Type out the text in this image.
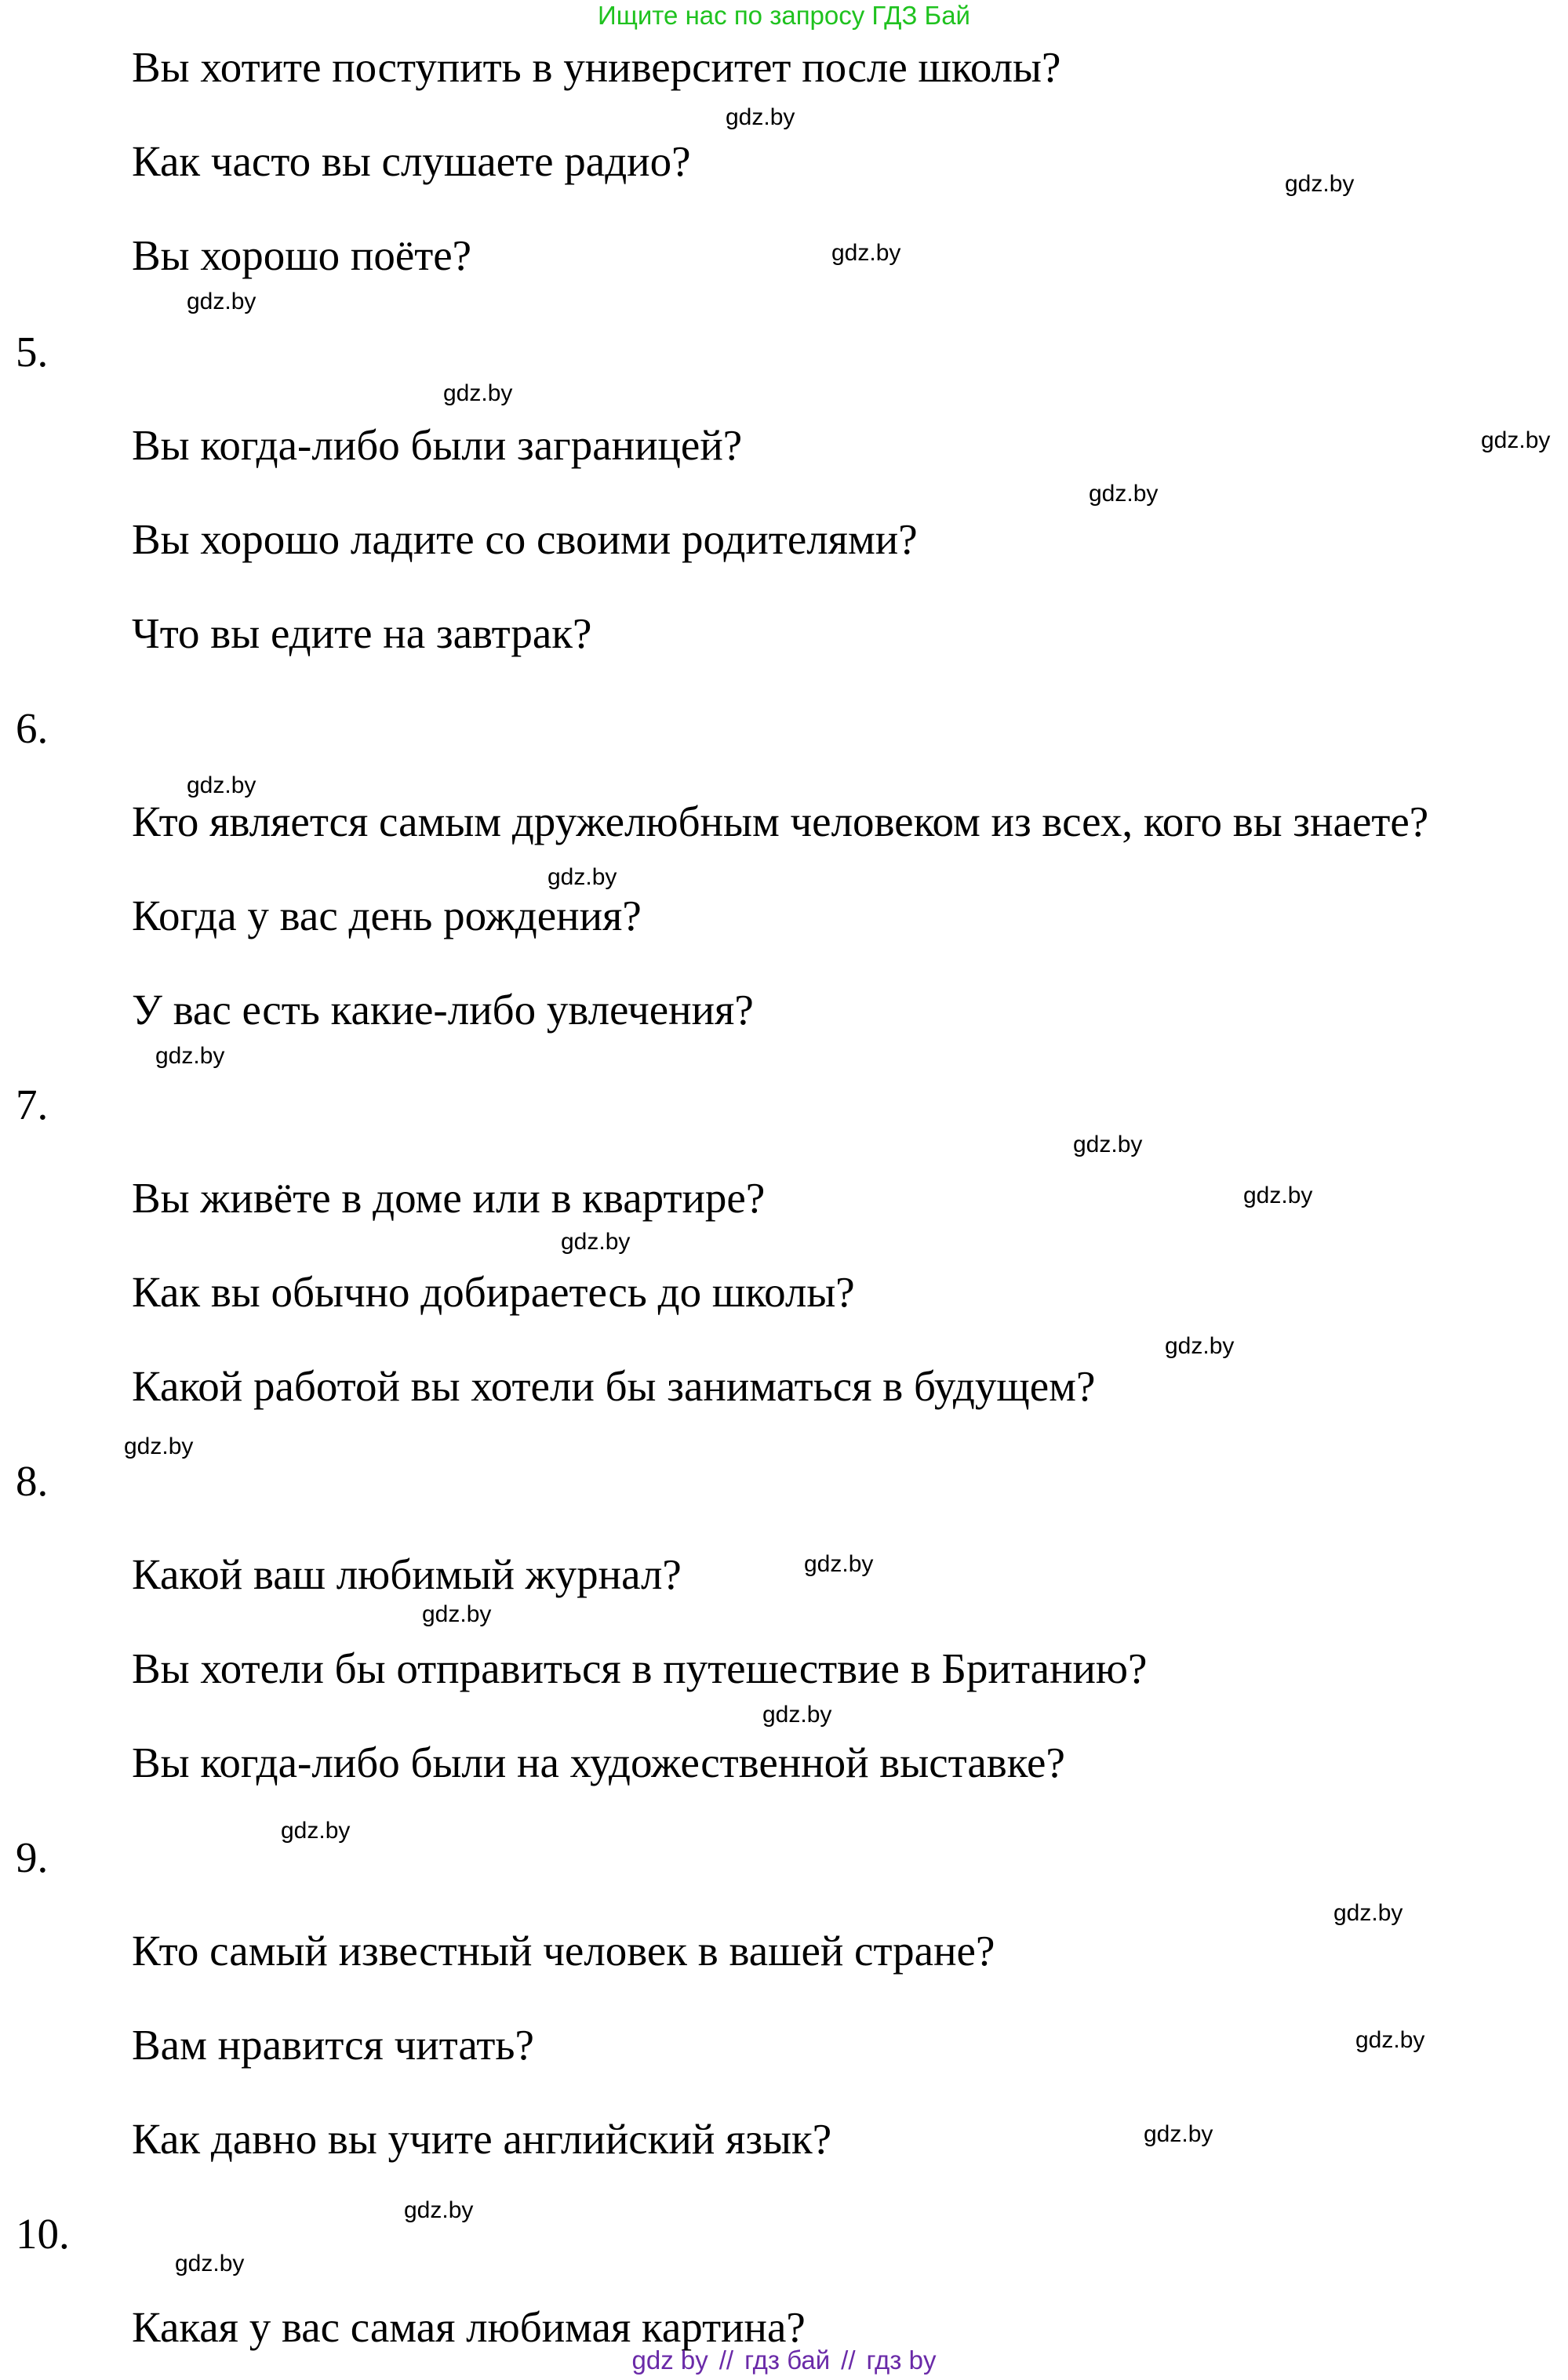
Ищите нас по запросу ГДЗ Бай
Вы хотите поступить в университет после школы?
Как часто вы слушаете радио?
Вы хорошо поёте?
5.
Вы когда-либо были заграницей?
Вы хорошо ладите со своими родителями?
Что вы едите на завтрак?
6.
Кто является самым дружелюбным человеком из всех, кого вы знаете?
Когда у вас день рождения?
У вас есть какие-либо увлечения?
7.
Вы живёте в доме или в квартире?
Как вы обычно добираетесь до школы?
Какой работой вы хотели бы заниматься в будущем?
8.
Какой ваш любимый журнал?
Вы хотели бы отправиться в путешествие в Британию?
Вы когда-либо были на художественной выставке?
9.
Кто самый известный человек в вашей стране?
Вам нравится читать?
Как давно вы учите английский язык?
10.
Какая у вас самая любимая картина?
gdz.by
gdz.by
gdz.by
gdz.by
gdz.by
gdz.by
gdz.by
gdz.by
gdz.by
gdz.by
gdz.by
gdz.by
gdz.by
gdz.by
gdz.by
gdz.by
gdz.by
gdz.by
gdz.by
gdz.by
gdz.by
gdz.by
gdz.by
gdz.by
gdz by // гдз бай // гдз by
